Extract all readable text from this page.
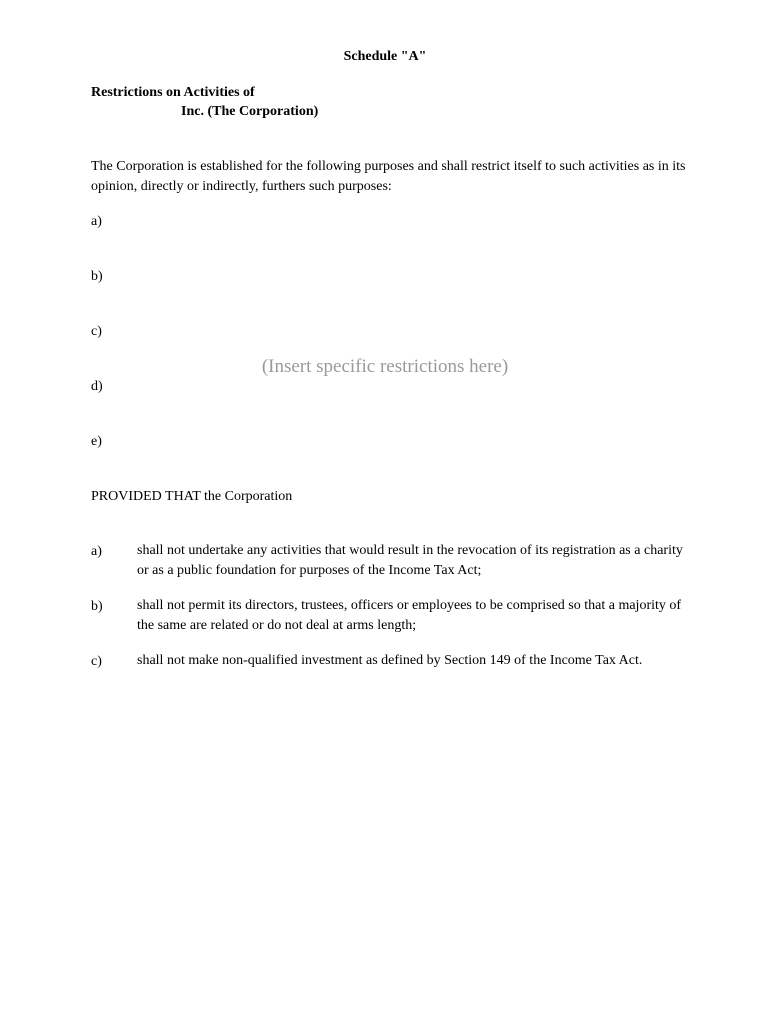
Schedule "A"
Restrictions on Activities of
Inc. (The Corporation)
The Corporation is established for the following purposes and shall restrict itself to such activities as in its opinion, directly or indirectly, furthers such purposes:
a)
b)
c)
(Insert specific restrictions here)
d)
e)
PROVIDED THAT the Corporation
a)	shall not undertake any activities that would result in the revocation of its registration as a charity or as a public foundation for purposes of the Income Tax Act;
b) shall not permit its directors, trustees, officers or employees to be comprised so that a majority of the same are related or do not deal at arms length;
c)	shall not make non-qualified investment as defined by Section 149 of the Income Tax Act.
